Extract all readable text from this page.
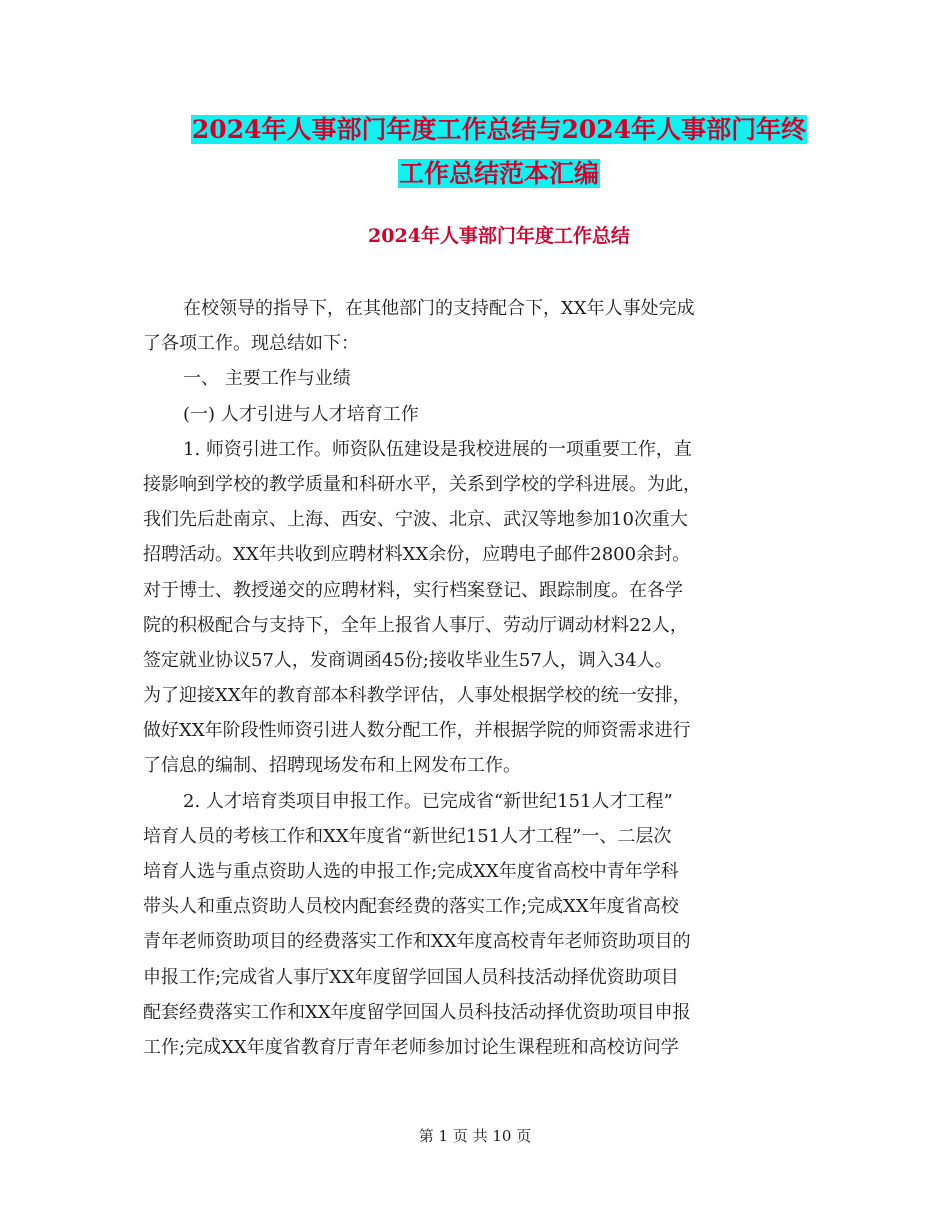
2024年人事部门年度工作总结与2024年人事部门年终
工作总结范本汇编
2024年人事部门年度工作总结
在校领导的指导下，在其他部门的支持配合下，XX年人事处完成
了各项工作。现总结如下：
一、 主要工作与业绩
(一) 人才引进与人才培育工作
1. 师资引进工作。师资队伍建设是我校进展的一项重要工作，直
接影响到学校的教学质量和科研水平，关系到学校的学科进展。为此，
我们先后赴南京、上海、西安、宁波、北京、武汉等地参加10次重大
招聘活动。XX年共收到应聘材料XX余份，应聘电子邮件2800余封。
对于博士、教授递交的应聘材料，实行档案登记、跟踪制度。在各学
院的积极配合与支持下，全年上报省人事厅、劳动厅调动材料22人，
签定就业协议57人，发商调函45份;接收毕业生57人，调入34人。
为了迎接XX年的教育部本科教学评估，人事处根据学校的统一安排，
做好XX年阶段性师资引进人数分配工作，并根据学院的师资需求进行
了信息的编制、招聘现场发布和上网发布工作。
2. 人才培育类项目申报工作。已完成省“新世纪151人才工程”
培育人员的考核工作和XX年度省“新世纪151人才工程”一、二层次
培育人选与重点资助人选的申报工作;完成XX年度省高校中青年学科
带头人和重点资助人员校内配套经费的落实工作;完成XX年度省高校
青年老师资助项目的经费落实工作和XX年度高校青年老师资助项目的
申报工作;完成省人事厅XX年度留学回国人员科技活动择优资助项目
配套经费落实工作和XX年度留学回国人员科技活动择优资助项目申报
工作;完成XX年度省教育厅青年老师参加讨论生课程班和高校访问学
第 1 页 共 10 页
